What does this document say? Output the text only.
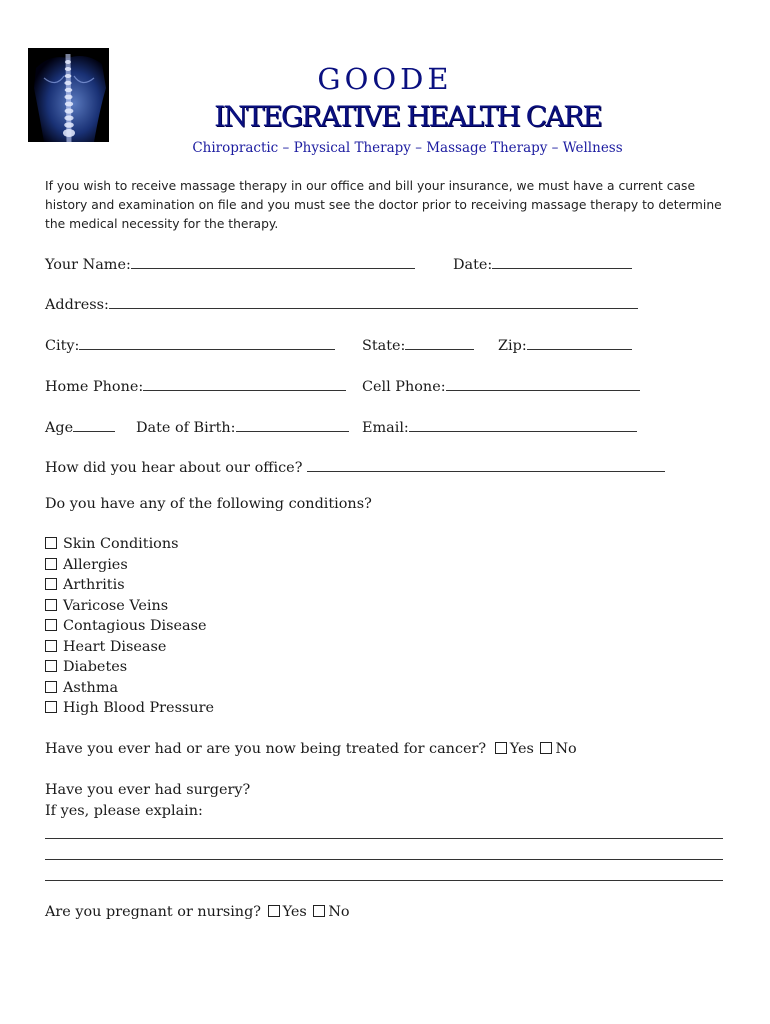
GOODE
INTEGRATIVE HEALTH CARE
Chiropractic – Physical Therapy – Massage Therapy – Wellness
If you wish to receive massage therapy in our office and bill your insurance, we must have a current case history and examination on file and you must see the doctor prior to receiving massage therapy to determine the medical necessity for the therapy.
Your Name:	Date:
Address:
City:	State:	Zip:
Home Phone:	Cell Phone:
Age	Date of Birth:	Email:
How did you hear about our office?
Do you have any of the following conditions?
Skin Conditions
Allergies
Arthritis
Varicose Veins
Contagious Disease
Heart Disease
Diabetes
Asthma
High Blood Pressure
Have you ever had or are you now being treated for cancer? Yes No
Have you ever had surgery?
If yes, please explain:
Are you pregnant or nursing? Yes No
